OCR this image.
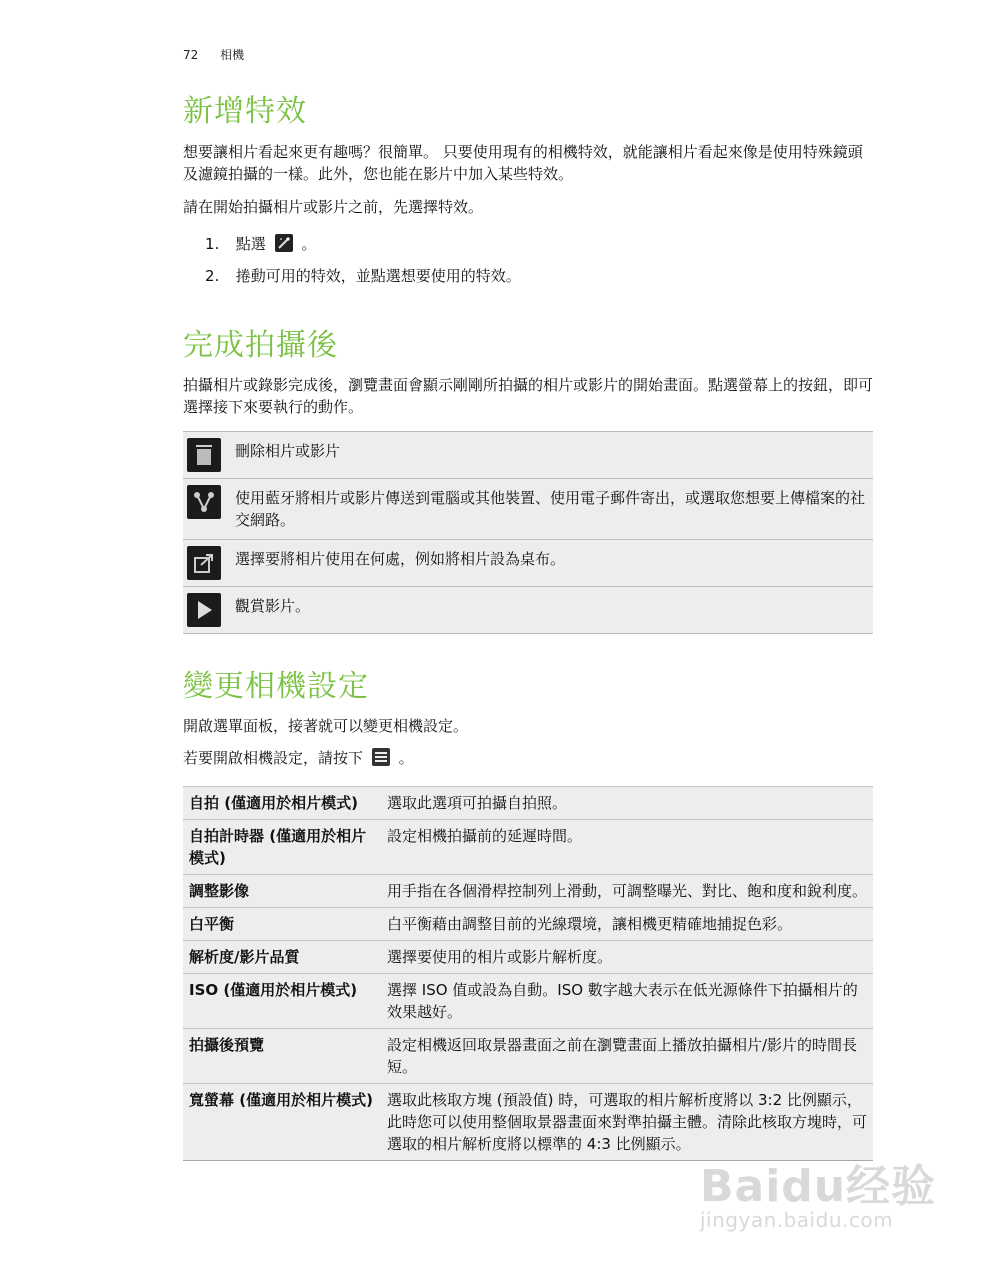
72 相機
新增特效

想要讓相片看起來更有趣嗎？很簡單。 只要使用現有的相機特效，就能讓相片看起來像是使用特殊鏡頭及濾鏡拍攝的一樣。此外，您也能在影片中加入某些特效。

請在開始拍攝相片或影片之前，先選擇特效。

1. 點選 。
2. 捲動可用的特效，並點選想要使用的特效。
完成拍攝後

拍攝相片或錄影完成後，瀏覽畫面會顯示剛剛所拍攝的相片或影片的開始畫面。點選螢幕上的按鈕，即可選擇接下來要執行的動作。

	刪除相片或影片

	使用藍牙將相片或影片傳送到電腦或其他裝置、使用電子郵件寄出，或選取您想要上傳檔案的社交網路。

	選擇要將相片使用在何處，例如將相片設為桌布。

	觀賞影片。
變更相機設定

開啟選單面板，接著就可以變更相機設定。

若要開啟相機設定，請按下 。

自拍 (僅適用於相片模式)	選取此選項可拍攝自拍照。
自拍計時器 (僅適用於相片模式)	設定相機拍攝前的延遲時間。
調整影像	用手指在各個滑桿控制列上滑動，可調整曝光、對比、飽和度和銳利度。
白平衡	白平衡藉由調整目前的光線環境，讓相機更精確地捕捉色彩。
解析度/影片品質	選擇要使用的相片或影片解析度。
ISO (僅適用於相片模式)	選擇 ISO 值或設為自動。ISO 數字越大表示在低光源條件下拍攝相片的效果越好。
拍攝後預覽	設定相機返回取景器畫面之前在瀏覽畫面上播放拍攝相片/影片的時間長短。
寬螢幕 (僅適用於相片模式)	選取此核取方塊 (預設值) 時，可選取的相片解析度將以 3:2 比例顯示，此時您可以使用整個取景器畫面來對準拍攝主體。清除此核取方塊時，可選取的相片解析度將以標準的 4:3 比例顯示。
Baidu经验
jingyan.baidu.com
